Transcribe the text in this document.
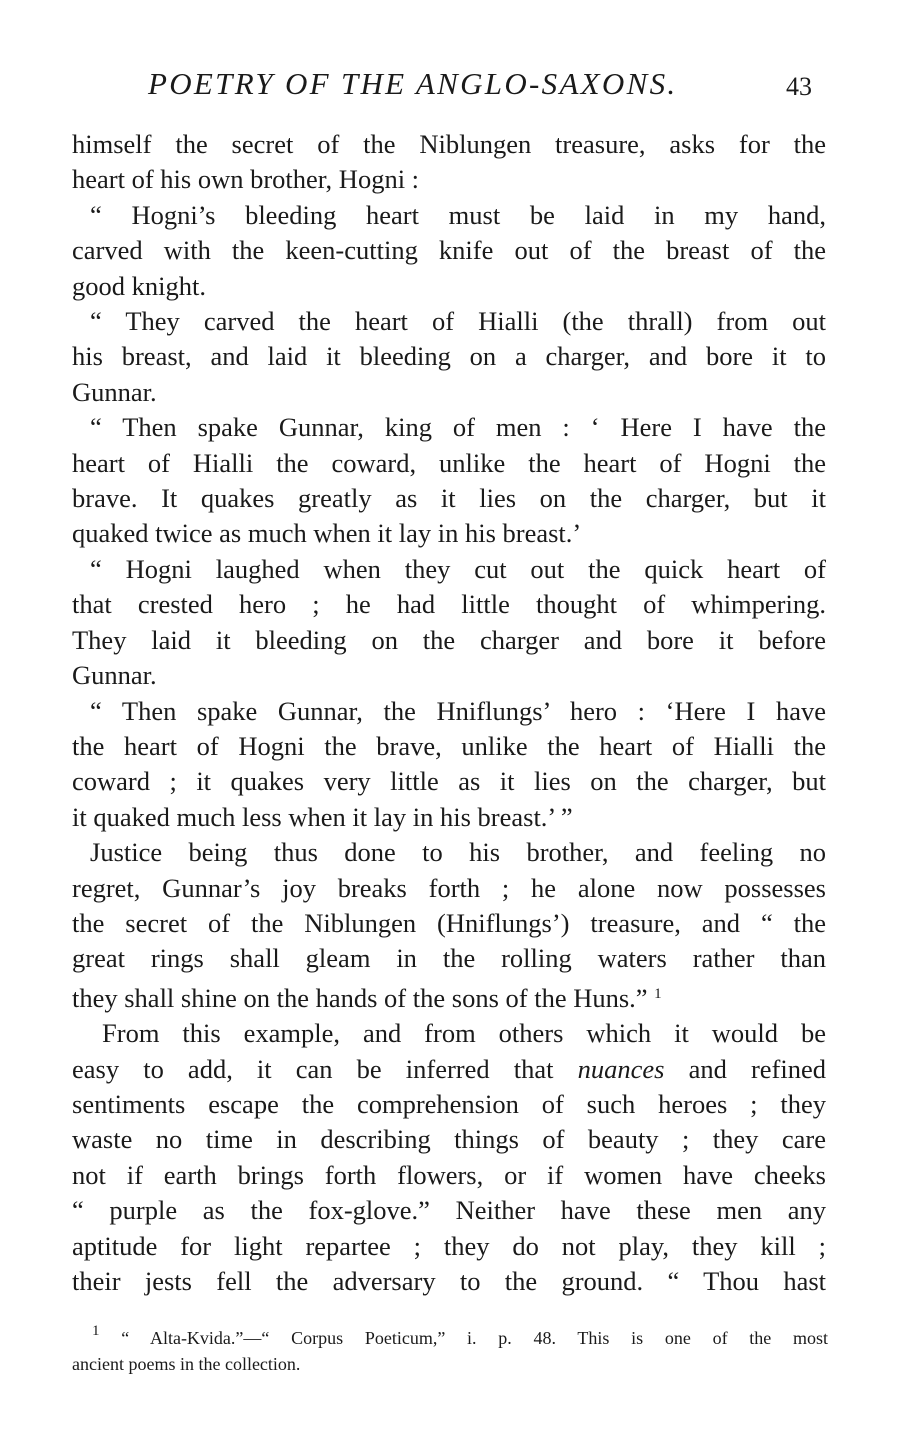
POETRY OF THE ANGLO-SAXONS.	43
himself the secret of the Niblungen treasure, asks for the
heart of his own brother, Hogni :
“ Hogni’s bleeding heart must be laid in my hand,
carved with the keen-cutting knife out of the breast of the
good knight.
“ They carved the heart of Hialli (the thrall) from out
his breast, and laid it bleeding on a charger, and bore it to
Gunnar.
“ Then spake Gunnar, king of men : ‘ Here I have the
heart of Hialli the coward, unlike the heart of Hogni the
brave. It quakes greatly as it lies on the charger, but it
quaked twice as much when it lay in his breast.’
“ Hogni laughed when they cut out the quick heart of
that crested hero ; he had little thought of whimpering.
They laid it bleeding on the charger and bore it before
Gunnar.
“ Then spake Gunnar, the Hniflungs’ hero : ‘Here I have
the heart of Hogni the brave, unlike the heart of Hialli the
coward ; it quakes very little as it lies on the charger, but
it quaked much less when it lay in his breast.’ ”
Justice being thus done to his brother, and feeling no
regret, Gunnar’s joy breaks forth ; he alone now possesses
the secret of the Niblungen (Hniflungs’) treasure, and “ the
great rings shall gleam in the rolling waters rather than
they shall shine on the hands of the sons of the Huns.” $^1$
From this example, and from others which it would be
easy to add, it can be inferred that nuances and refined
sentiments escape the comprehension of such heroes ; they
waste no time in describing things of beauty ; they care
not if earth brings forth flowers, or if women have cheeks
“ purple as the fox-glove.” Neither have these men any
aptitude for light repartee ; they do not play, they kill ;
their jests fell the adversary to the ground. “ Thou hast
$^1$ “ Alta-Kvida.”—“ Corpus Poeticum,” i. p. 48. This is one of the most
ancient poems in the collection.
